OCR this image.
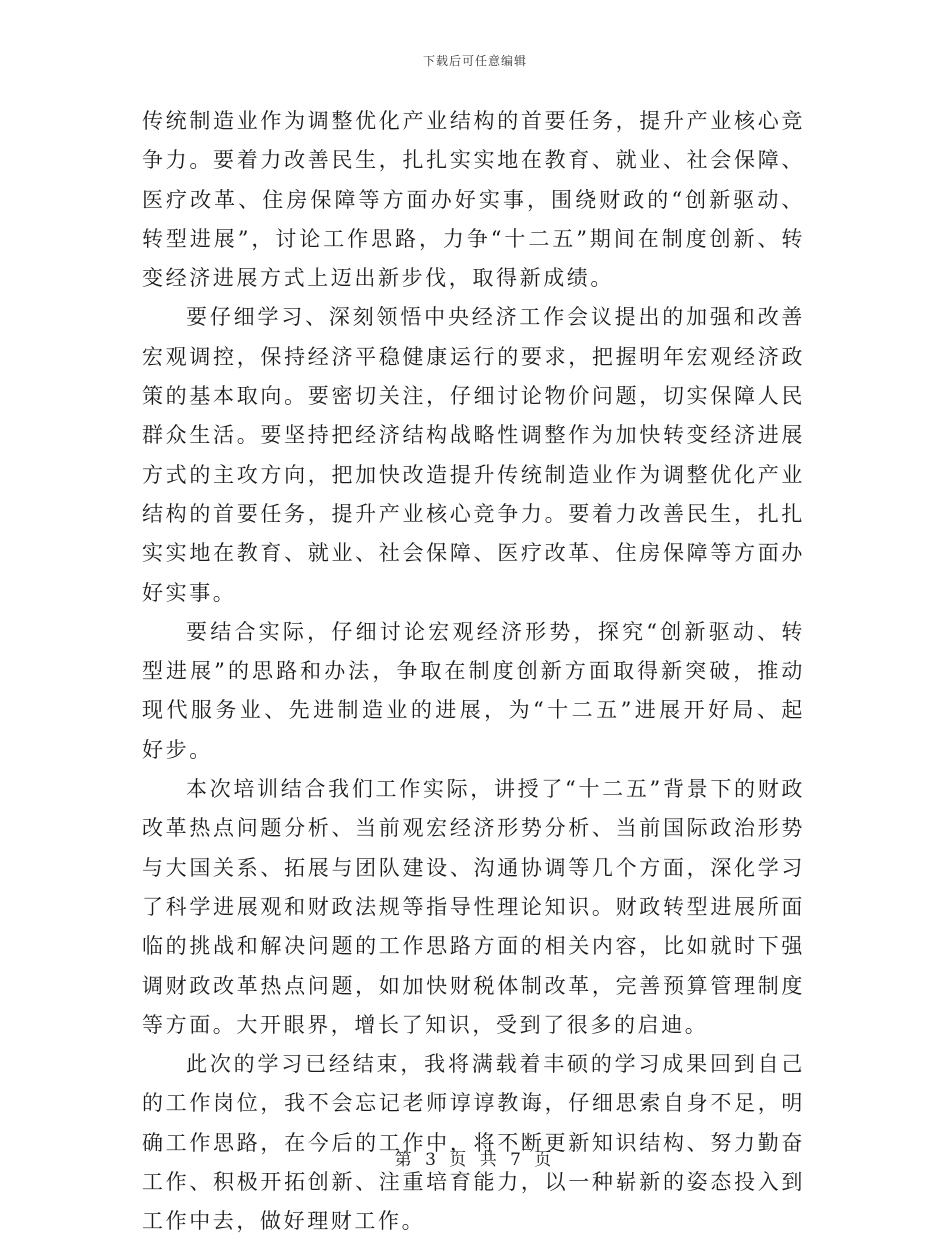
下载后可任意编辑

传统制造业作为调整优化产业结构的首要任务，提升产业核心竞争力。要着力改善民生，扎扎实实地在教育、就业、社会保障、医疗改革、住房保障等方面办好实事，围绕财政的“创新驱动、转型进展”，讨论工作思路，力争“十二五”期间在制度创新、转变经济进展方式上迈出新步伐，取得新成绩。

要仔细学习、深刻领悟中央经济工作会议提出的加强和改善宏观调控，保持经济平稳健康运行的要求，把握明年宏观经济政策的基本取向。要密切关注，仔细讨论物价问题，切实保障人民群众生活。要坚持把经济结构战略性调整作为加快转变经济进展方式的主攻方向，把加快改造提升传统制造业作为调整优化产业结构的首要任务，提升产业核心竞争力。要着力改善民生，扎扎实实地在教育、就业、社会保障、医疗改革、住房保障等方面办好实事。

要结合实际，仔细讨论宏观经济形势，探究“创新驱动、转型进展”的思路和办法，争取在制度创新方面取得新突破，推动现代服务业、先进制造业的进展，为“十二五”进展开好局、起好步。

本次培训结合我们工作实际，讲授了“十二五”背景下的财政改革热点问题分析、当前观宏经济形势分析、当前国际政治形势与大国关系、拓展与团队建设、沟通协调等几个方面，深化学习了科学进展观和财政法规等指导性理论知识。财政转型进展所面临的挑战和解决问题的工作思路方面的相关内容，比如就时下强调财政改革热点问题，如加快财税体制改革，完善预算管理制度等方面。大开眼界，增长了知识，受到了很多的启迪。

此次的学习已经结束，我将满载着丰硕的学习成果回到自己的工作岗位，我不会忘记老师谆谆教诲，仔细思索自身不足，明确工作思路，在今后的工作中，将不断更新知识结构、努力勤奋工作、积极开拓创新、注重培育能力，以一种崭新的姿态投入到工作中去，做好理财工作。

第 3 页 共 7 页
